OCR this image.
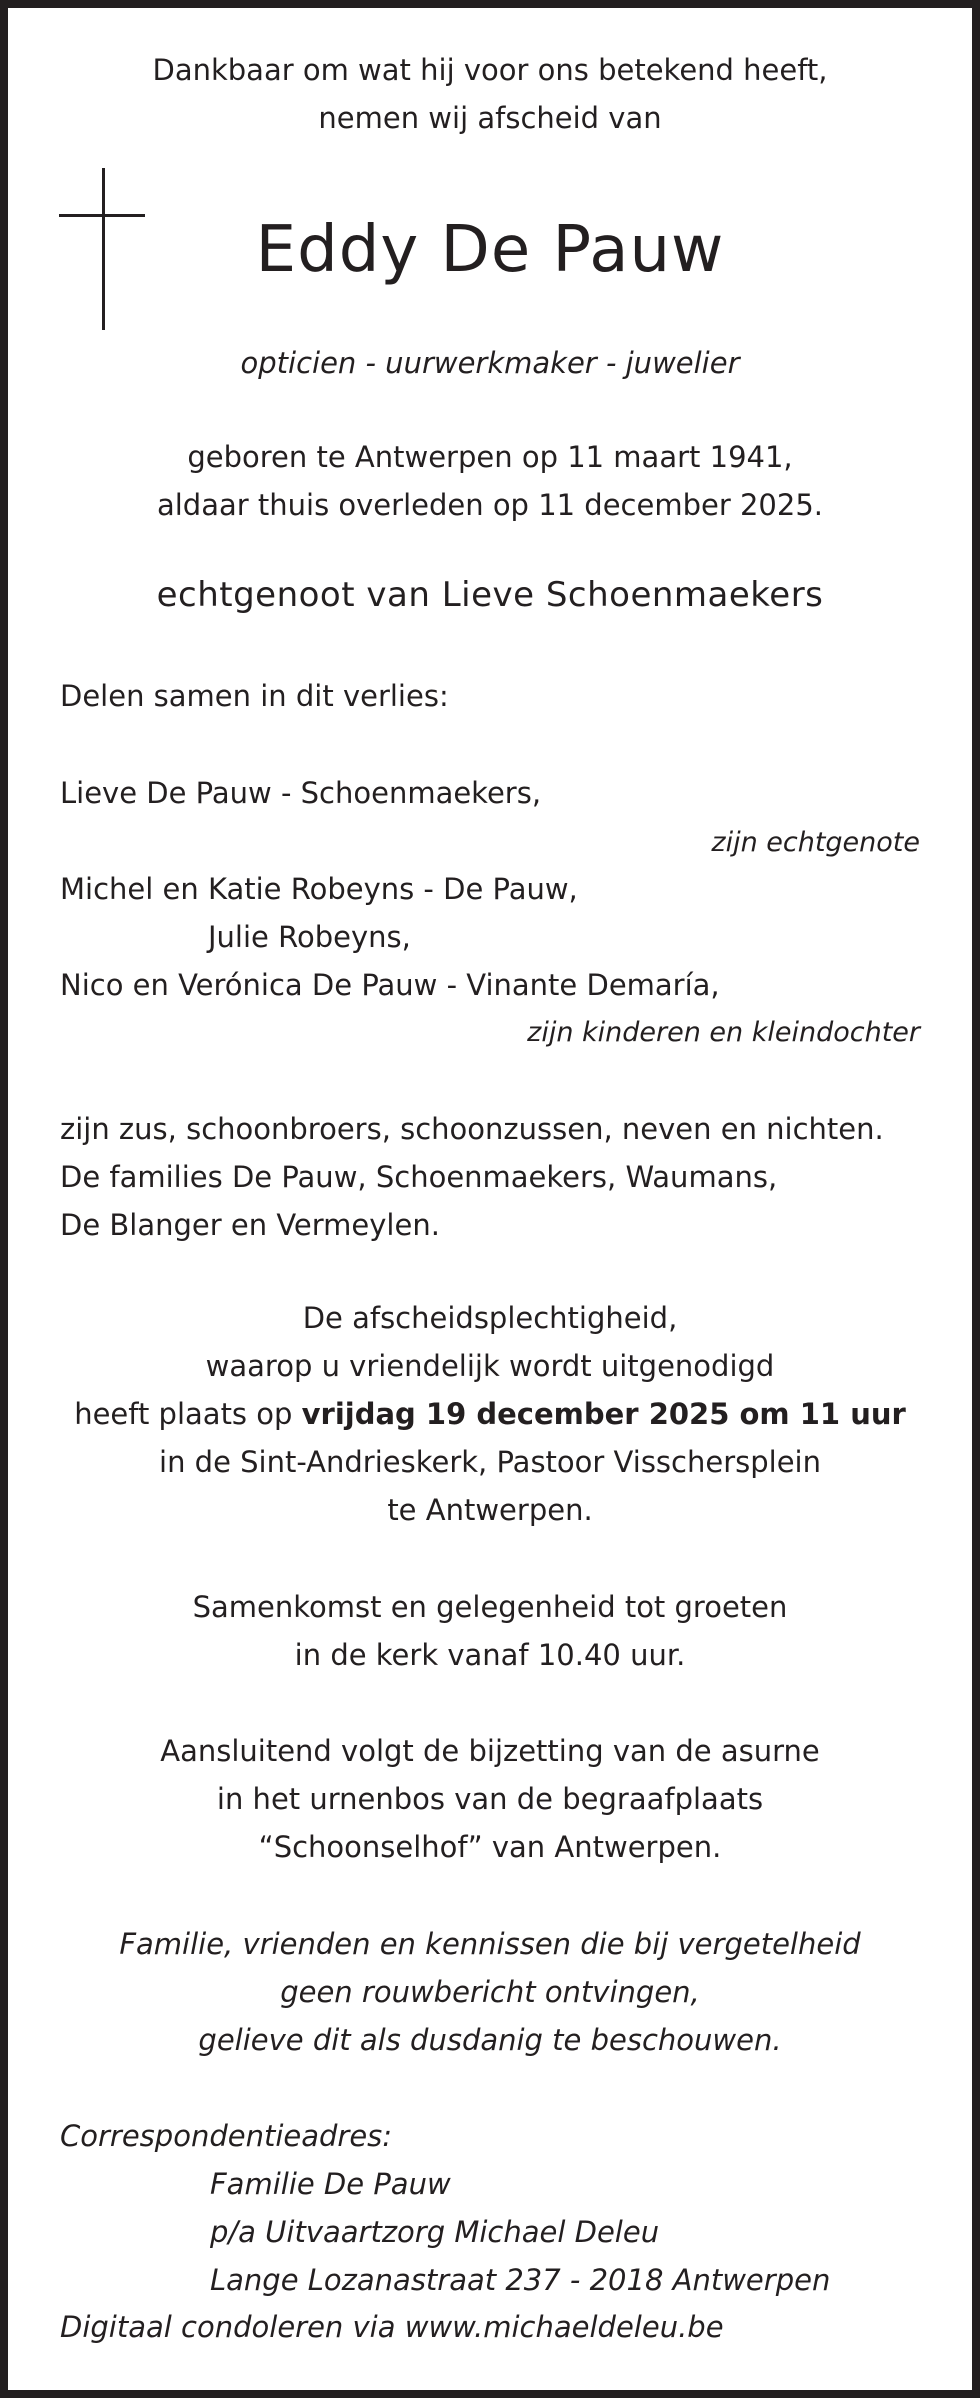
Dankbaar om wat hij voor ons betekend heeft,
nemen wij afscheid van
Eddy De Pauw
opticien - uurwerkmaker - juwelier
geboren te Antwerpen op 11 maart 1941,
aldaar thuis overleden op 11 december 2025.
echtgenoot van Lieve Schoenmaekers
Delen samen in dit verlies:
Lieve De Pauw - Schoenmaekers,
zijn echtgenote
Michel en Katie Robeyns - De Pauw,
Julie Robeyns,
Nico en Verónica De Pauw - Vinante Demaría,
zijn kinderen en kleindochter
zijn zus, schoonbroers, schoonzussen, neven en nichten.
De families De Pauw, Schoenmaekers, Waumans,
De Blanger en Vermeylen.
De afscheidsplechtigheid,
waarop u vriendelijk wordt uitgenodigd
heeft plaats op vrijdag 19 december 2025 om 11 uur
in de Sint-Andrieskerk, Pastoor Visschersplein
te Antwerpen.
Samenkomst en gelegenheid tot groeten
in de kerk vanaf 10.40 uur.
Aansluitend volgt de bijzetting van de asurne
in het urnenbos van de begraafplaats
“Schoonselhof” van Antwerpen.
Familie, vrienden en kennissen die bij vergetelheid
geen rouwbericht ontvingen,
gelieve dit als dusdanig te beschouwen.
Correspondentieadres:
Familie De Pauw
p/a Uitvaartzorg Michael Deleu
Lange Lozanastraat 237 - 2018 Antwerpen
Digitaal condoleren via www.michaeldeleu.be
